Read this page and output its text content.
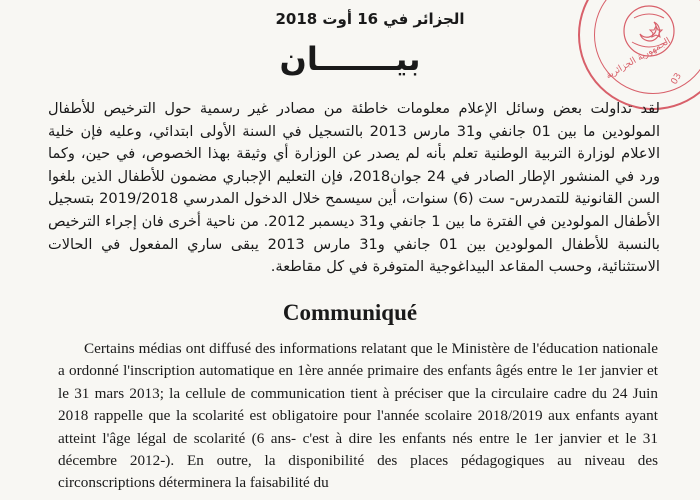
الجمهورية الجزائرية
03
الجزائر في 16 أوت 2018
بيـــــــان

لقد تداولت بعض وسائل الإعلام معلومات خاطئة من مصادر غير رسمية حول الترخيص للأطفال المولودين ما بين 01 جانفي و31 مارس 2013 بالتسجيل في السنة الأولى ابتدائي، وعليه فإن خلية الاعلام لوزارة التربية الوطنية تعلم بأنه لم يصدر عن الوزارة أي وثيقة بهذا الخصوص، في حين، وكما ورد في المنشور الإطار الصادر في 24 جوان2018، فإن التعليم الإجباري مضمون للأطفال الذين بلغوا السن القانونية للتمدرس- ست (6) سنوات، أين سيسمح خلال الدخول المدرسي 2019/2018 بتسجيل الأطفال المولودين في الفترة ما بين 1 جانفي و31 ديسمبر 2012. من ناحية أخرى فان إجراء الترخيص بالنسبة للأطفال المولودين بين 01 جانفي و31 مارس 2013 يبقى ساري المفعول في الحالات الاستثنائية، وحسب المقاعد البيداغوجية المتوفرة في كل مقاطعة.

Communiqué

Certains médias ont diffusé des informations relatant que le Ministère de l'éducation nationale a ordonné l'inscription automatique en 1ère année primaire des enfants âgés entre le 1er janvier et le 31 mars 2013; la cellule de communication tient à préciser que la circulaire cadre du 24 Juin 2018 rappelle que la scolarité est obligatoire pour l'année scolaire 2018/2019 aux enfants ayant atteint l'âge légal de scolarité (6 ans- c'est à dire les enfants nés entre le 1er janvier et le 31 décembre 2012-). En outre, la disponibilité des places pédagogiques au niveau des circonscriptions déterminera la faisabilité du
